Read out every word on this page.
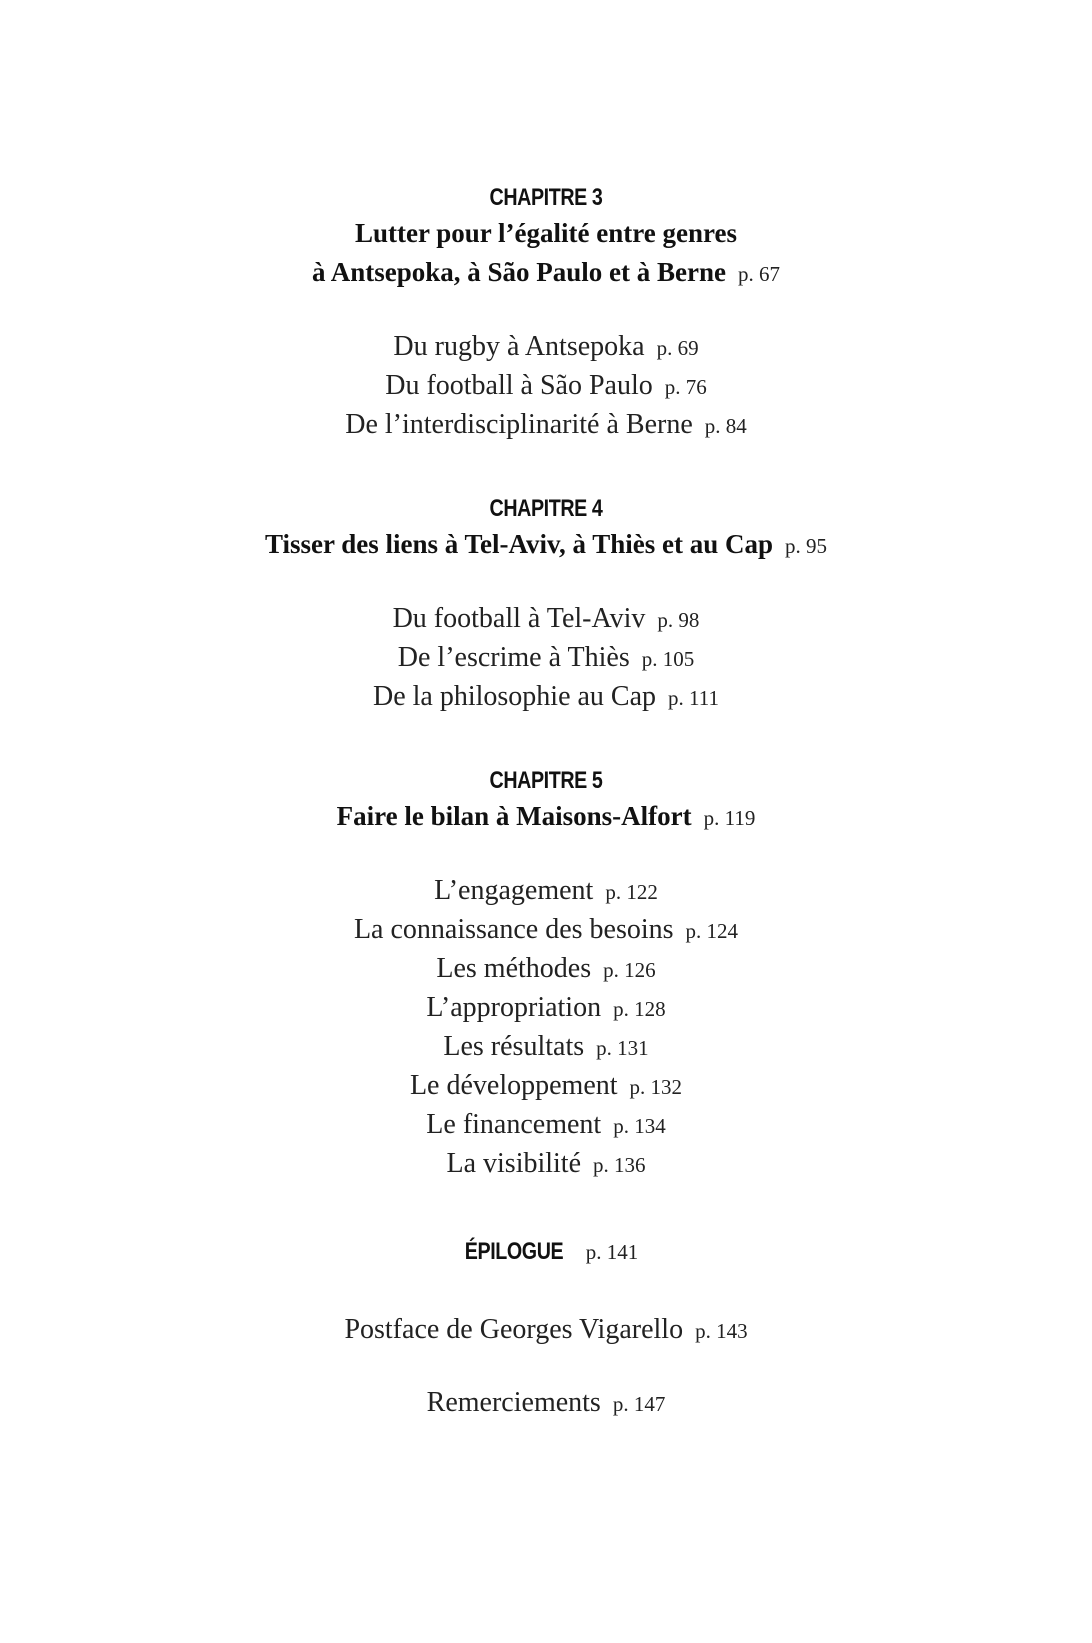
CHAPITRE 3
Lutter pour l’égalité entre genres
à Antsepoka, à São Paulo et à Berne p. 67
Du rugby à Antsepoka p. 69
Du football à São Paulo p. 76
De l’interdisciplinarité à Berne p. 84
CHAPITRE 4
Tisser des liens à Tel-Aviv, à Thiès et au Cap p. 95
Du football à Tel-Aviv p. 98
De l’escrime à Thiès p. 105
De la philosophie au Cap p. 111
CHAPITRE 5
Faire le bilan à Maisons-Alfort p. 119
L’engagement p. 122
La connaissance des besoins p. 124
Les méthodes p. 126
L’appropriation p. 128
Les résultats p. 131
Le développement p. 132
Le financement p. 134
La visibilité p. 136
ÉPILOGUE p. 141
Postface de Georges Vigarello p. 143
Remerciements p. 147
